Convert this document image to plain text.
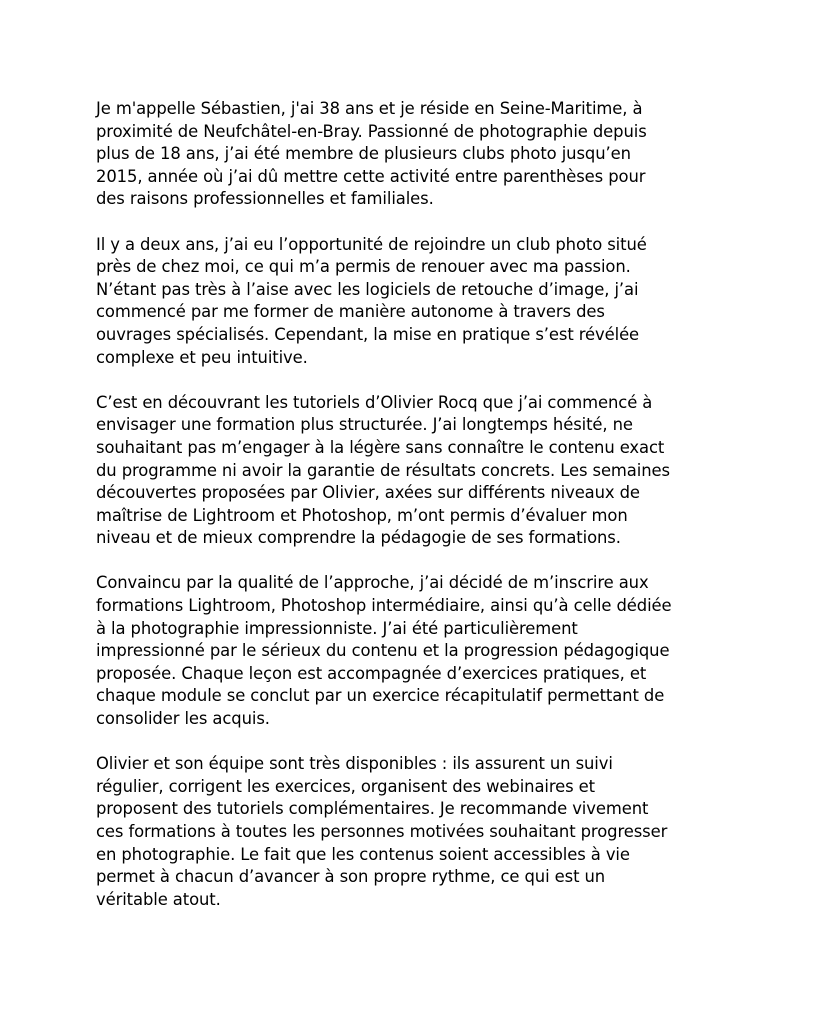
Je m'appelle Sébastien, j'ai 38 ans et je réside en Seine-Maritime, à
proximité de Neufchâtel-en-Bray. Passionné de photographie depuis
plus de 18 ans, j’ai été membre de plusieurs clubs photo jusqu’en
2015, année où j’ai dû mettre cette activité entre parenthèses pour
des raisons professionnelles et familiales.

Il y a deux ans, j’ai eu l’opportunité de rejoindre un club photo situé
près de chez moi, ce qui m’a permis de renouer avec ma passion.
N’étant pas très à l’aise avec les logiciels de retouche d’image, j’ai
commencé par me former de manière autonome à travers des
ouvrages spécialisés. Cependant, la mise en pratique s’est révélée
complexe et peu intuitive.

C’est en découvrant les tutoriels d’Olivier Rocq que j’ai commencé à
envisager une formation plus structurée. J’ai longtemps hésité, ne
souhaitant pas m’engager à la légère sans connaître le contenu exact
du programme ni avoir la garantie de résultats concrets. Les semaines
découvertes proposées par Olivier, axées sur différents niveaux de
maîtrise de Lightroom et Photoshop, m’ont permis d’évaluer mon
niveau et de mieux comprendre la pédagogie de ses formations.

Convaincu par la qualité de l’approche, j’ai décidé de m’inscrire aux
formations Lightroom, Photoshop intermédiaire, ainsi qu’à celle dédiée
à la photographie impressionniste. J’ai été particulièrement
impressionné par le sérieux du contenu et la progression pédagogique
proposée. Chaque leçon est accompagnée d’exercices pratiques, et
chaque module se conclut par un exercice récapitulatif permettant de
consolider les acquis.

Olivier et son équipe sont très disponibles : ils assurent un suivi
régulier, corrigent les exercices, organisent des webinaires et
proposent des tutoriels complémentaires. Je recommande vivement
ces formations à toutes les personnes motivées souhaitant progresser
en photographie. Le fait que les contenus soient accessibles à vie
permet à chacun d’avancer à son propre rythme, ce qui est un
véritable atout.
